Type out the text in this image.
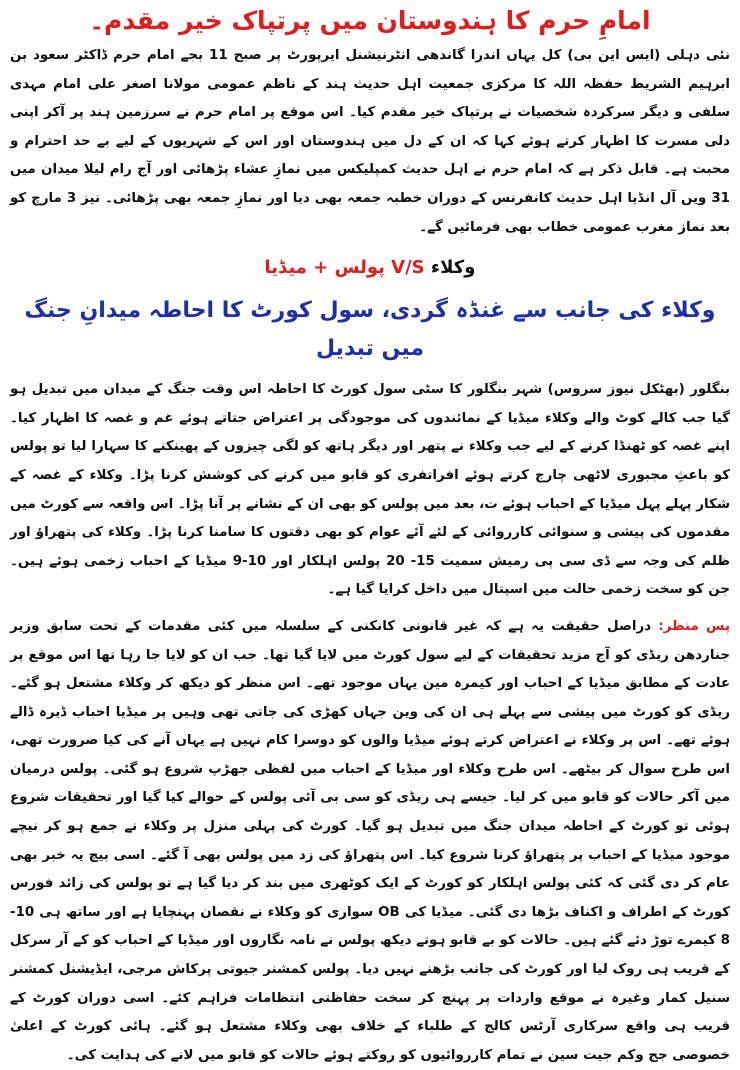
امامِ حرم کا ہندوستان میں پرتپاک خیر مقدم۔

نئی دہلی (ایس این بی) کل یہاں اندرا گاندھی انٹرنیشنل ایرپورٹ پر صبح 11 بجے امام حرم ڈاکٹر سعود بن ابرہیم الشریط حفظہ اللہ کا مرکزی جمعیت اہل حدیث ہند کے ناظم عمومی مولانا اصغر علی امام مہدی سلفی و دیگر سرکردہ شخصیات نے پرتپاک خیر مقدم کیا۔ اس موقع پر امام حرم نے سرزمین ہند پر آکر اپنی دلی مسرت کا اظہار کرتے ہوئے کہا کہ ان کے دل میں ہندوستان اور اس کے شہریوں کے لیے بے حد احترام و محبت ہے۔ قابل ذکر ہے کہ امام حرم نے اہل حدیث کمپلیکس میں نمازِ عشاء پڑھائی اور آج رام لیلا میدان میں 31 ویں آل انڈیا اہل حدیث کانفرنس کے دوران خطبہ جمعہ بھی دیا اور نمازِ جمعہ بھی پڑھائی۔ نیز 3 مارچ کو بعد نماز مغرب عمومی خطاب بھی فرمائیں گے۔

وکلاء V/S پولس + میڈیا
وکلاء کی جانب سے غنڈہ گردی، سول کورٹ کا احاطہ میدانِ جنگ میں تبدیل

بنگلور (بھٹکل نیوز سروس) شہر بنگلور کا سٹی سول کورٹ کا احاطہ اس وقت جنگ کے میدان میں تبدیل ہو گیا جب کالے کوٹ والے وکلاء میڈیا کے نمائندوں کی موجودگی پر اعتراض جتاتے ہوئے غم و غصہ کا اظہار کیا۔ اپنے غصہ کو ٹھنڈا کرنے کے لیے جب وکلاء نے پتھر اور دیگر ہاتھ کو لگی چیزوں کے پھینکنے کا سہارا لیا تو پولس کو باعثِ مجبوری لاٹھی چارج کرتے ہوئے افراتفری کو قابو میں کرنے کی کوشش کرنا پڑا۔ وکلاء کے غصہ کے شکار پہلے پہل میڈیا کے احباب ہوئے ت، بعد میں پولس کو بھی ان کے نشانے پر آنا پڑا۔ اس واقعہ سے کورٹ میں مقدموں کی پیشی و سنوائی کارروائی کے لئے آئے عوام کو بھی دقتوں کا سامنا کرنا پڑا۔ وکلاء کی پتھراؤ اور ظلم کی وجہ سے ڈی سی پی رمیش سمیت 15- 20 پولس اہلکار اور 10-9 میڈیا کے احباب زخمی ہوئے ہیں۔ جن کو سخت زخمی حالت میں اسپتال میں داخل کرایا گیا ہے۔

پس منظر: دراصل حقیقت یہ ہے کہ غیر قانونی کانکنی کے سلسلہ میں کئی مقدمات کے تحت سابق وزیر جناردھن ریڈی کو آج مزید تحقیقات کے لیے سول کورٹ میں لایا گیا تھا۔ جب ان کو لایا جا رہا تھا اس موقع پر عادت کے مطابق میڈیا کے احباب اور کیمرہ مین یہاں موجود تھے۔ اس منظر کو دیکھ کر وکلاء مشتعل ہو گئے۔ ریڈی کو کورٹ میں پیشی سے پہلے ہی ان کی وین جہاں کھڑی کی جاتی تھی وہیں پر میڈیا احباب ڈیرہ ڈالے ہوئے تھے۔ اس پر وکلاء نے اعتراض کرتے ہوئے میڈیا والوں کو دوسرا کام نہیں ہے یہاں آنے کی کیا ضرورت تھی، اس طرح سوال کر بیٹھے۔ اس طرح وکلاء اور میڈیا کے احباب میں لفظی جھڑپ شروع ہو گئی۔ پولس درمیان میں آکر حالات کو قابو میں کر لیا۔ جیسے ہی ریڈی کو سی بی آئی پولس کے حوالے کیا گیا اور تحقیقات شروع ہوئی تو کورٹ کے احاطہ میدان جنگ میں تبدیل ہو گیا۔ کورٹ کی پہلی منزل پر وکلاء نے جمع ہو کر نیچے موجود میڈیا کے احباب پر پتھراؤ کرنا شروع کیا۔ اس پتھراؤ کی زد میں پولس بھی آ گئے۔ اسی بیچ یہ خبر بھی عام کر دی گئی کہ کئی پولس اہلکار کو کورٹ کے ایک کوٹھری میں بند کر دیا گیا ہے تو پولس کی زائد فورس کورٹ کے اطراف و اکناف بڑھا دی گئی۔ میڈیا کی OB سواری کو وکلاء نے نقصان پہنچایا ہے اور ساتھ ہی 10-8 کیمرے توڑ دئے گئے ہیں۔ حالات کو بے قابو ہوتے دیکھ پولس نے نامہ نگاروں اور میڈیا کے احباب کو کے آر سرکل کے قریب ہی روک لیا اور کورٹ کی جانب بڑھنے نہیں دیا۔ پولس کمشنر جیوتی پرکاش مرجی، ایڈیشنل کمشنر سنیل کمار وغیرہ نے موقع واردات پر پہنچ کر سخت حفاظتی انتظامات فراہم کئے۔ اسی دوران کورٹ کے قریب ہی واقع سرکاری آرٹس کالج کے طلباء کے خلاف بھی وکلاء مشتعل ہو گئے۔ ہائی کورٹ کے اعلیٰ خصوصی جج وکم جیت سین نے تمام کارروائیوں کو روکتے ہوئے حالات کو قابو میں لانے کی ہدایت کی۔
